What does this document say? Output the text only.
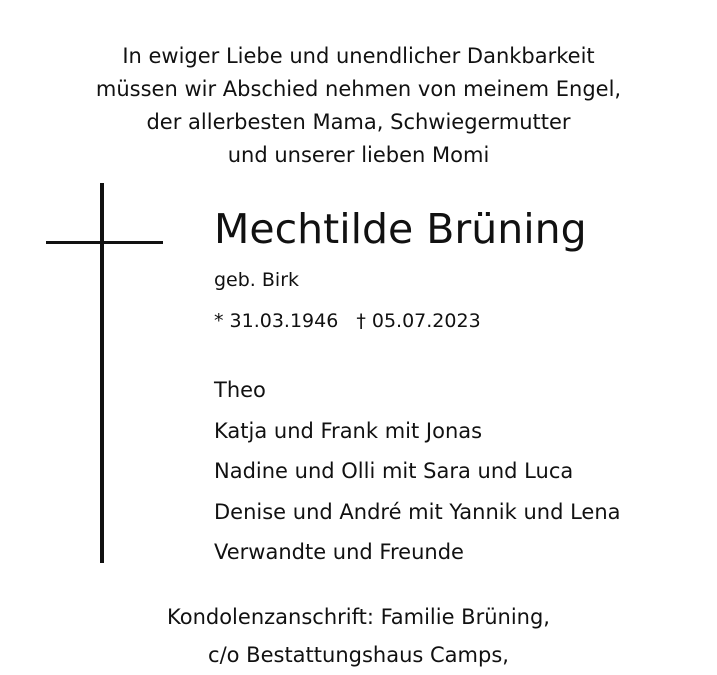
In ewiger Liebe und unendlicher Dankbarkeit
müssen wir Abschied nehmen von meinem Engel,
der allerbesten Mama, Schwiegermutter
und unserer lieben Momi
Mechtilde Brüning
geb. Birk
* 31.03.1946 † 05.07.2023
Theo
Katja und Frank mit Jonas
Nadine und Olli mit Sara und Luca
Denise und André mit Yannik und Lena
Verwandte und Freunde
Kondolenzanschrift: Familie Brüning,
c/o Bestattungshaus Camps,
